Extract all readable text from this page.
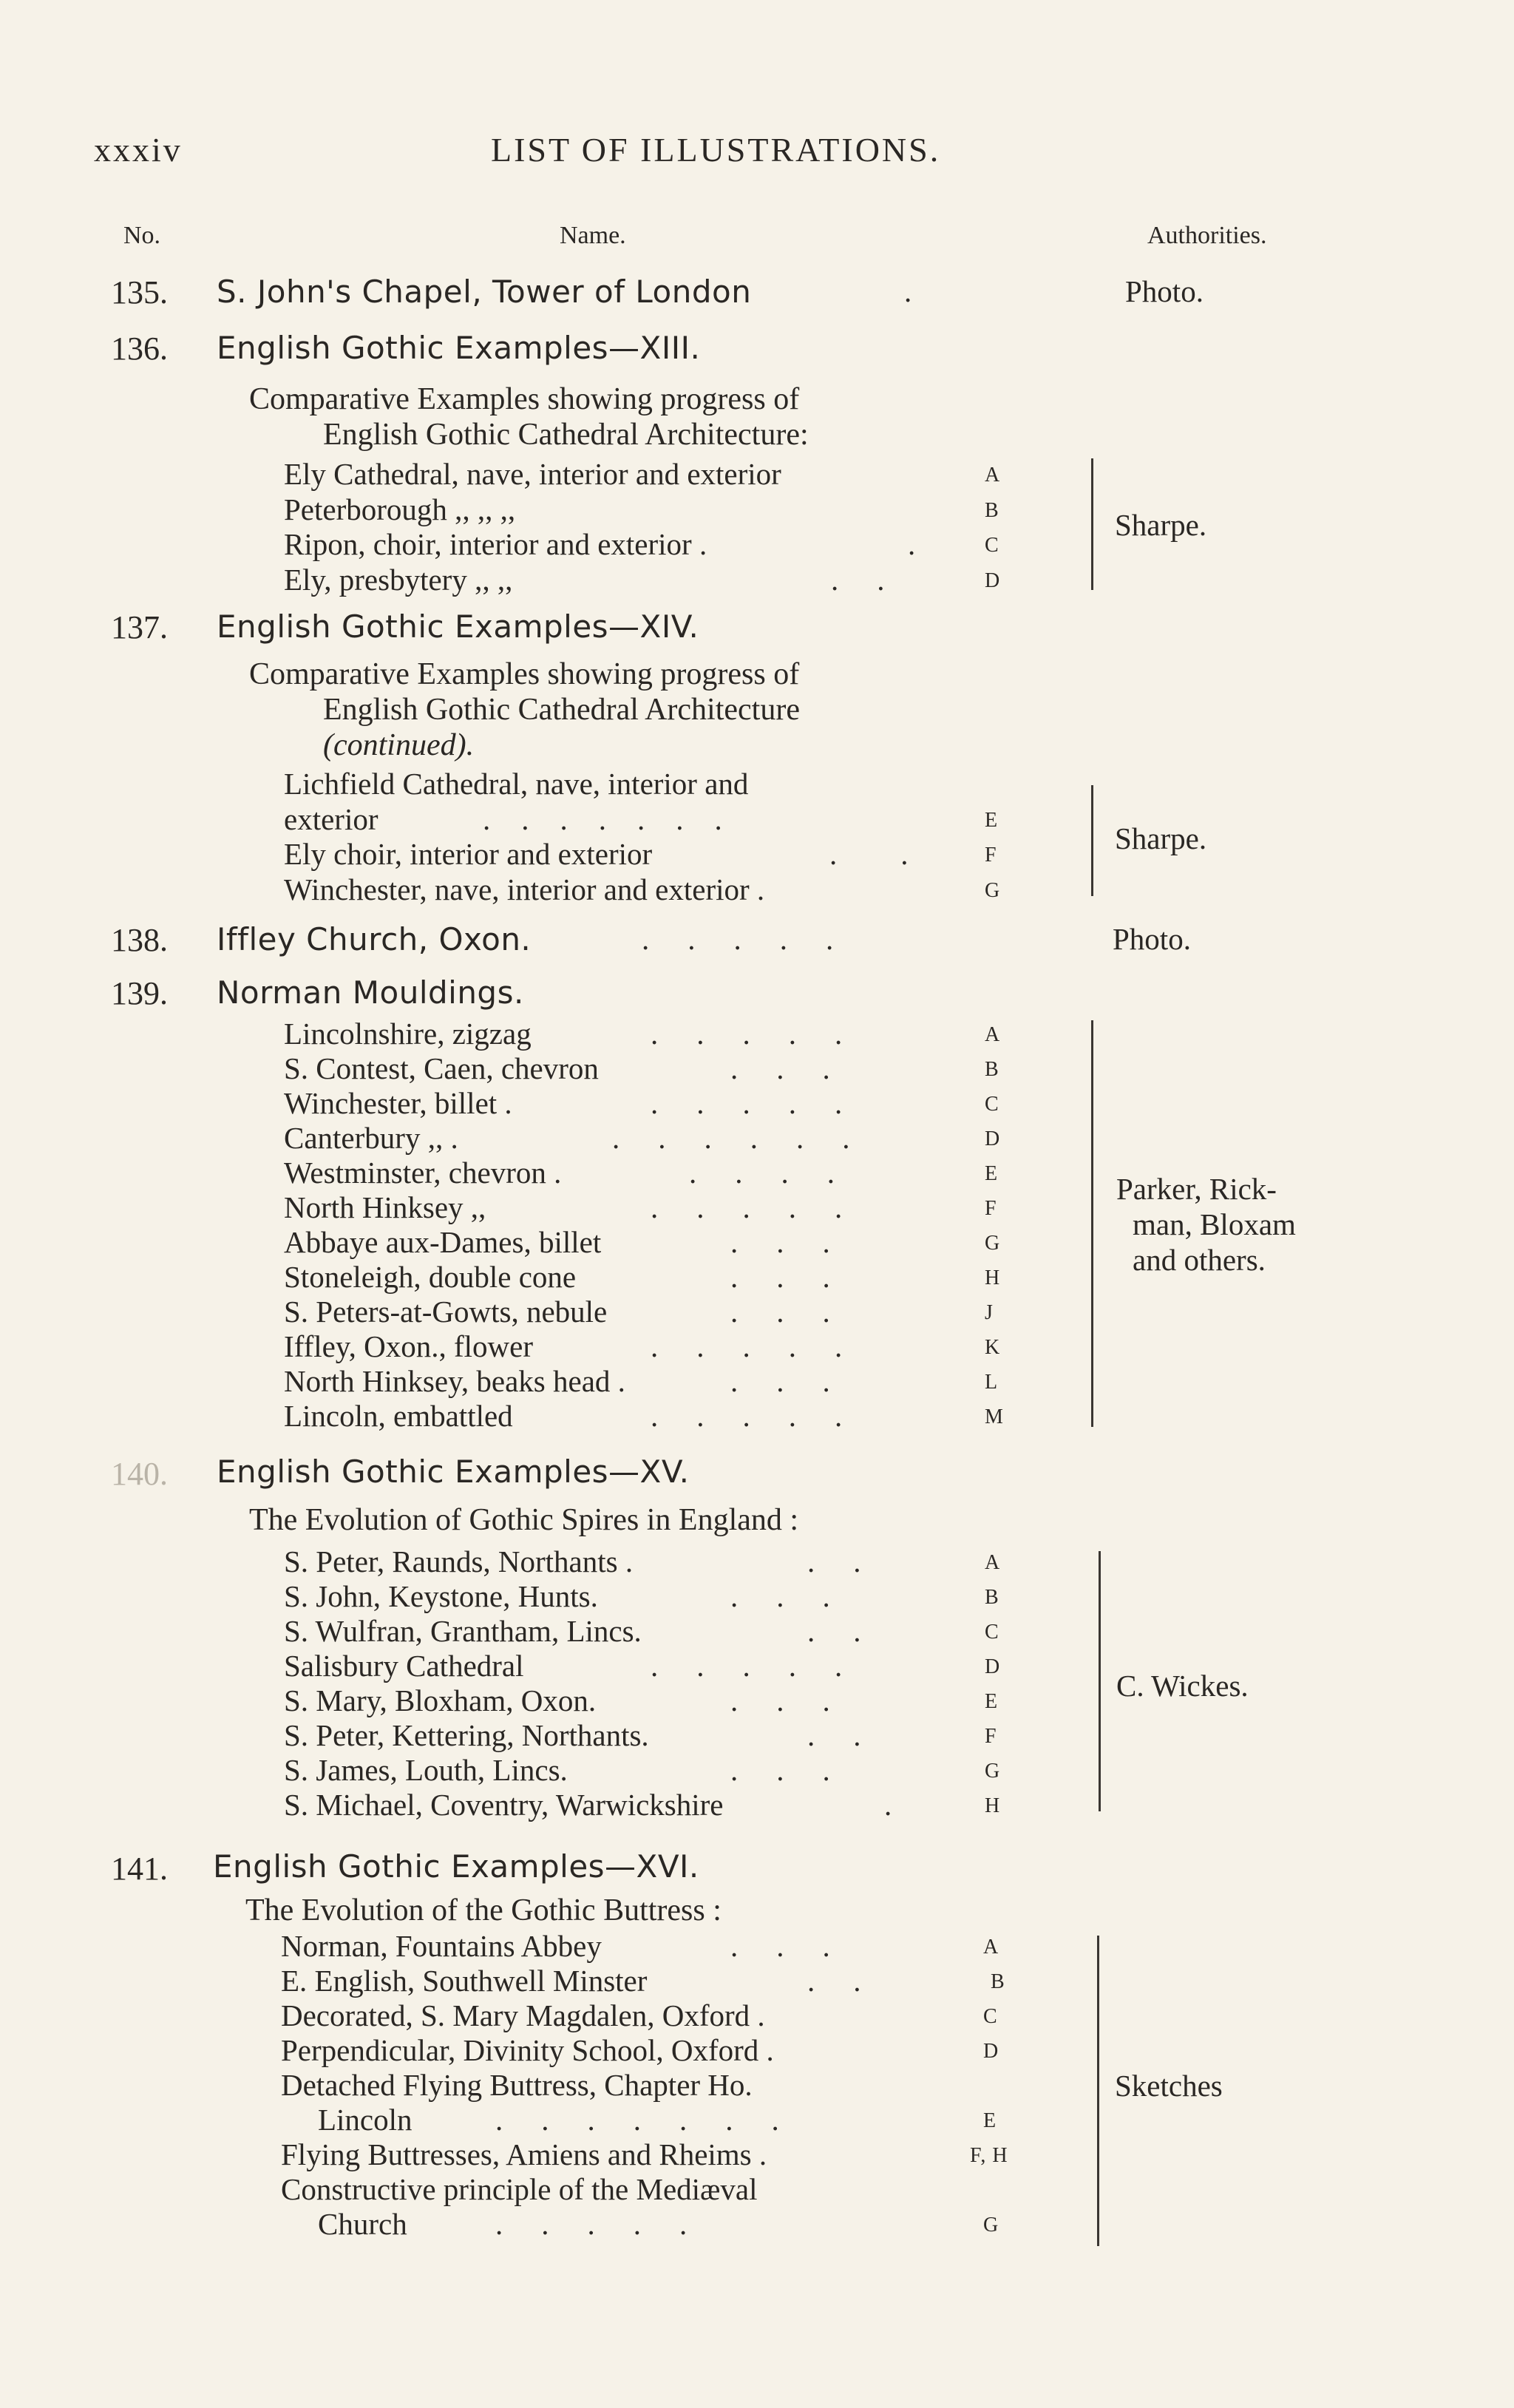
xxxiv	LIST OF ILLUSTRATIONS.
No.	Name.	Authorities.
135. S. John's Chapel, Tower of London	.	Photo.
136. English Gothic Examples—XIII.
Comparative Examples showing progress of
English Gothic Cathedral Architecture:
Ely Cathedral, nave, interior and exterior	A
Peterborough ,, ,, ,,	B
Ripon, choir, interior and exterior .	.	C
Ely, presbytery ,, ,,	..	D
Sharpe.
137. English Gothic Examples—XIV.
Comparative Examples showing progress of
English Gothic Cathedral Architecture
(continued).
Lichfield Cathedral, nave, interior and
exterior	.......	E
Ely choir, interior and exterior	.. F
Winchester, nave, interior and exterior .	G
Sharpe.
138. Iffley Church, Oxon.	.....	Photo.
139. Norman Mouldings.
Lincolnshire, zigzag	A
S. Contest, Caen, chevron	B
Winchester, billet .	C
Canterbury ,, .	D
Westminster, chevron .	E
North Hinksey ,,	F
Abbaye aux-Dames, billet	G
Stoneleigh, double cone	H
S. Peters-at-Gowts, nebule	J
Iffley, Oxon., flower	K
North Hinksey, beaks head .	L
Lincoln, embattled	M
.....
...
.....
......
....
.....
...
...
...
.....
...
.....
Parker, Rick-
man, Bloxam
and others.
140. English Gothic Examples—XV.
The Evolution of Gothic Spires in England :
S. Peter, Raunds, Northants .	A
S. John, Keystone, Hunts.	B
S. Wulfran, Grantham, Lincs.	C
Salisbury Cathedral	D
S. Mary, Bloxham, Oxon.	E
S. Peter, Kettering, Northants.	F
S. James, Louth, Lincs.	G
S. Michael, Coventry, Warwickshire	H
..
...
..
.....
...
..
...
.
C. Wickes.
141. English Gothic Examples—XVI.
The Evolution of the Gothic Buttress :
Norman, Fountains Abbey	A
E. English, Southwell Minster	B
Decorated, S. Mary Magdalen, Oxford .	C
Perpendicular, Divinity School, Oxford .	D
Detached Flying Buttress, Chapter Ho.
Lincoln	E
Flying Buttresses, Amiens and Rheims .	F, H
Constructive principle of the Mediæval
Church	G
...
..
.......
.....
Sketches
